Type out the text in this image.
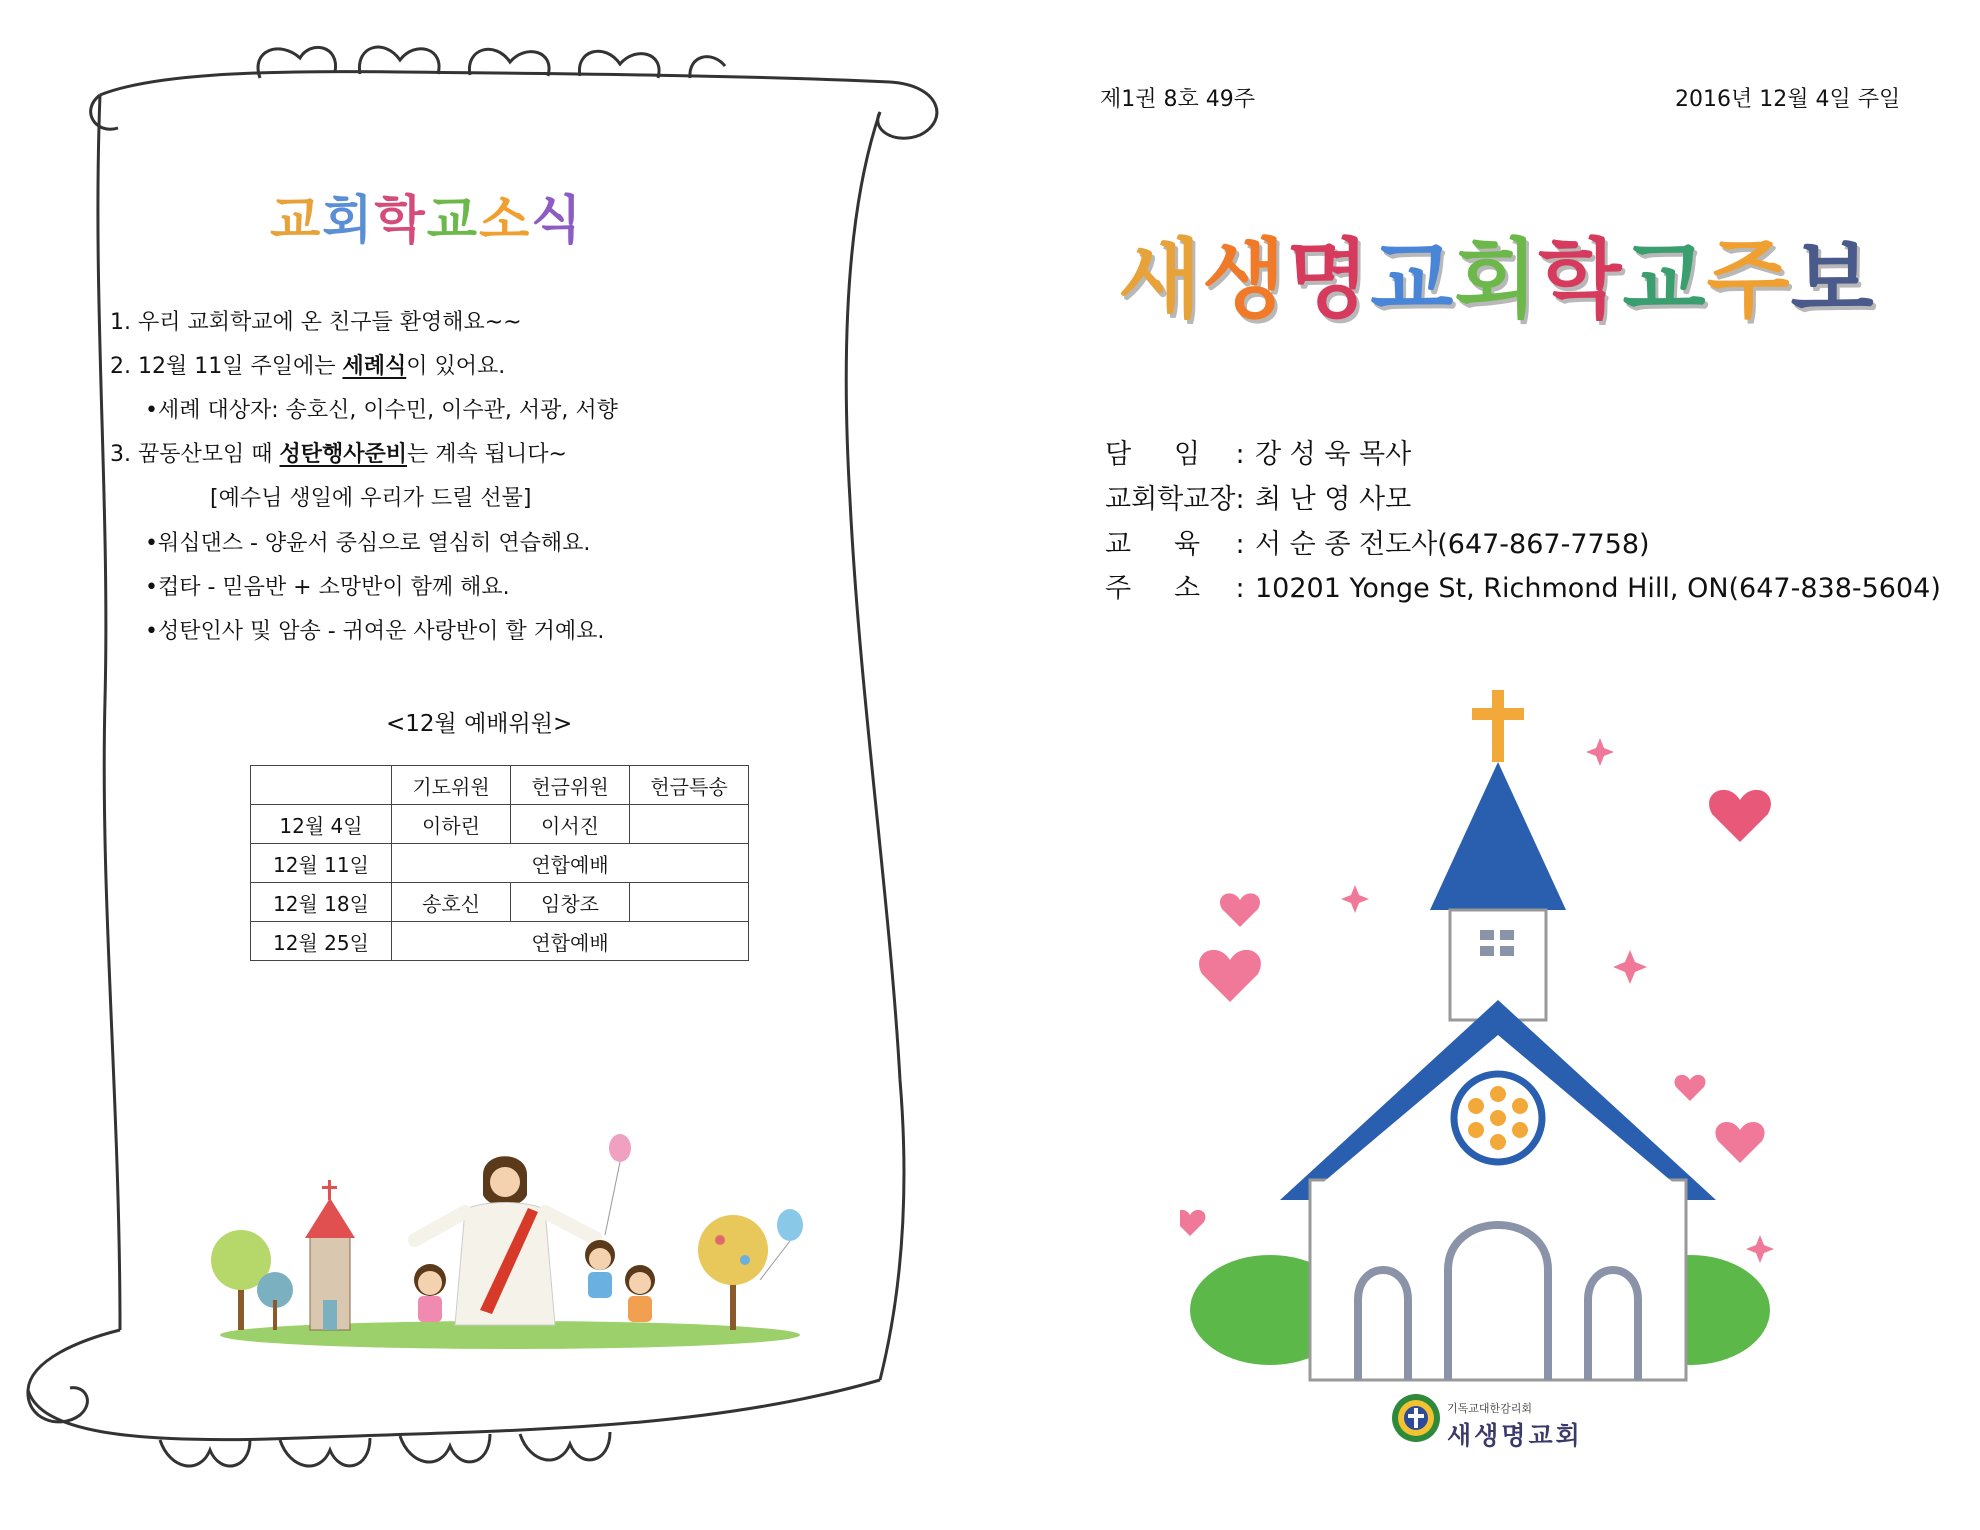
교회학교소식
1. 우리 교회학교에 온 친구들 환영해요~~
2. 12월 11일 주일에는 세례식이 있어요.
•세례 대상자: 송호신, 이수민, 이수관, 서광, 서향
3. 꿈동산모임 때 성탄행사준비는 계속 됩니다~
[예수님 생일에 우리가 드릴 선물]
•워십댄스 - 양윤서 중심으로 열심히 연습해요.
•컵타 - 믿음반 + 소망반이 함께 해요.
•성탄인사 및 암송 - 귀여운 사랑반이 할 거예요.
<12월 예배위원>
	기도위원	헌금위원	헌금특송
12월 4일	이하린	이서진	
12월 11일	연합예배		
12월 18일	송호신	임창조	
12월 25일	연합예배		
제1권 8호 49주	2016년 12월 4일 주일
새생명교회학교주보
담     임 : 강 성 욱 목사
교회학교장: 최 난 영 사모
교     육 : 서 순 종 전도사(647-867-7758)
주     소 : 10201 Yonge St, Richmond Hill, ON(647-838-5604)
기독교대한감리회
새생명교회
